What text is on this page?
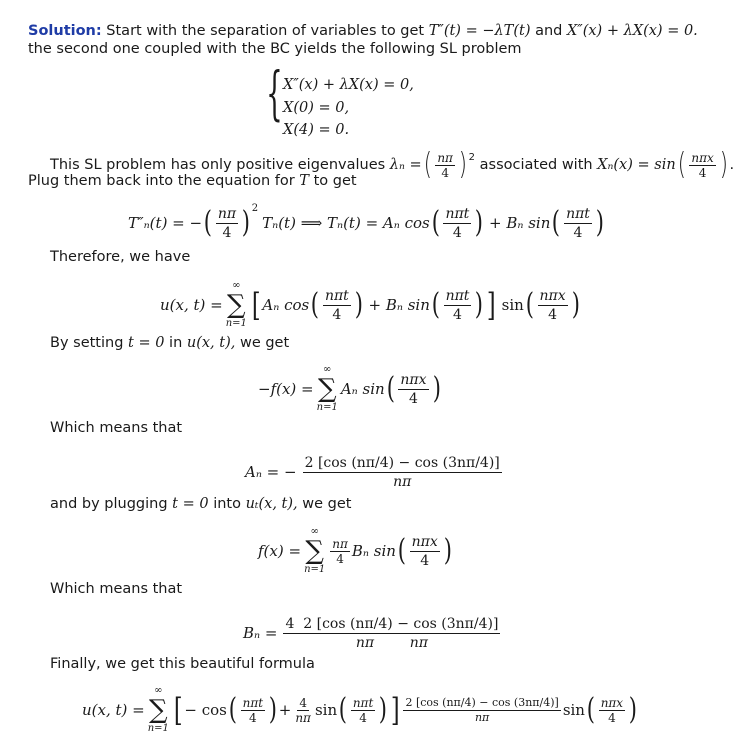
Solution: Start with the separation of variables to get T″(t) = −λT(t) and X″(x) + λX(x) = 0.
the second one coupled with the BC yields the following SL problem
{ X″(x) + λX(x) = 0,
X(0) = 0,
X(4) = 0.
This SL problem has only positive eigenvalues
λₙ = ( $\frac{n\pi}{4} )^2$
associated with
Xₙ(x) = sin ( $\frac{\text{nπx}}{4}$ ) .
Plug them back into the equation for T to get
T″ₙ(t) = − ( $\frac{n\pi}{4} )^2$
Tₙ(t) ⟹ Tₙ(t) = Aₙ cos ( $\frac{\text{nπt}}{4}$ ) + Bₙ sin ( $\frac{\text{nπt}}{4}$ )
Therefore, we have
u(x, t) =
∞
∑
n=1 [ Aₙ cos ( $\frac{\text{nπt}}{4}$ ) + Bₙ sin ( $\frac{\text{nπt}}{4}$ ) ] sin ( $\frac{\text{nπx}}{4}$ )
By setting t = 0 in u(x, t), we get
−f(x) =
∞
∑
n=1
Aₙ sin ( $\frac{\text{nπx}}{4}$ )
Which means that
Aₙ = − $\frac{2 [\cos (n\pi/4) - \cos (3n\pi/4)]}{n\pi}$
and by plugging t = 0 into uₜ(x, t), we get
f(x) =
∞
∑
n=1
$\frac{n\pi}{4}$ Bₙ sin ( $\frac{\text{nπx}}{4}$ )
Which means that
$B_n = \frac{4 2 [\cos (n\pi/4) - \cos (3n\pi/4)]}{\text{nπ        nπ}}$
Finally, we get this beautiful formula
u(x, t) =
∞
∑
n=1 [ − cos ( $\frac{\text{nπt}}{4}$ ) + $\frac{4}{n\pi}$ sin ( $\frac{\text{nπt}}{4}$ ) ] $\frac{2 [\cos (n\pi/4) - \cos (3n\pi/4)]}{n\pi}$ sin ( $\frac{\text{nπx}}{4}$ )
